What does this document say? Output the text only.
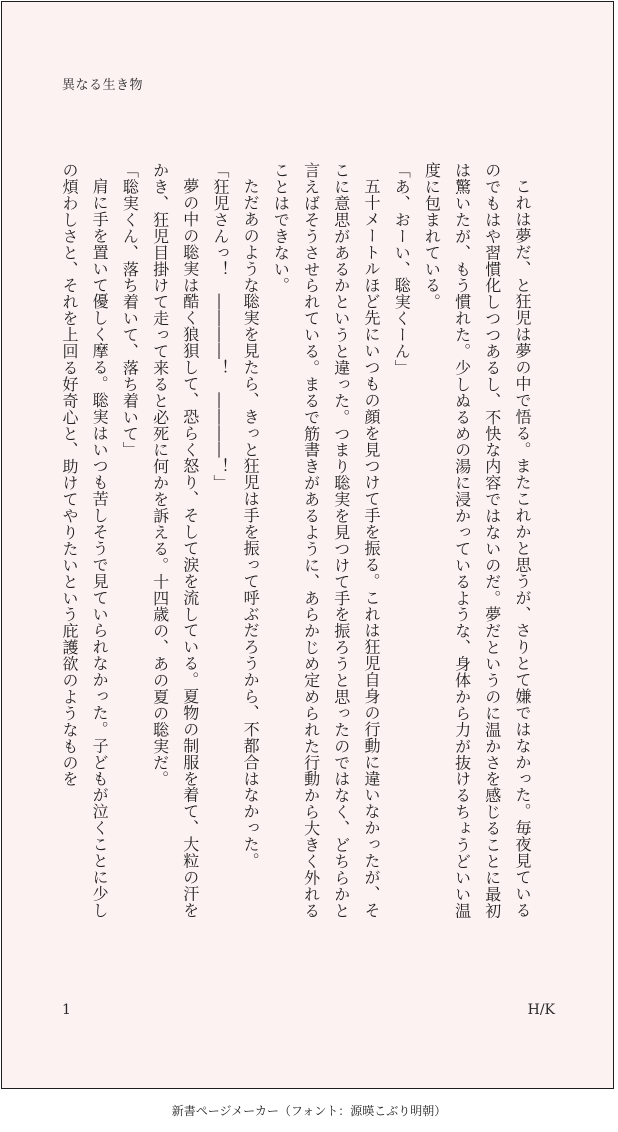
異なる生き物

これは夢だ、と狂児は夢の中で悟る。またこれかと思うが、さりとて嫌ではなかった。毎夜見ているのでもはや習慣化しつつあるし、不快な内容ではないのだ。夢だというのに温かさを感じることに最初は驚いたが、もう慣れた。少しぬるめの湯に浸かっているような、身体から力が抜けるちょうどいい温度に包まれている。

「あ、おーい、聡実くーん」

五十メートルほど先にいつもの顔を見つけて手を振る。これは狂児自身の行動に違いなかったが、そこに意思があるかというと違った。つまり聡実を見つけて手を振ろうと思ったのではなく、どちらかと言えばそうさせられている。まるで筋書きがあるように、あらかじめ定められた行動から大きく外れることはできない。

ただあのような聡実を見たら、きっと狂児は手を振って呼ぶだろうから、不都合はなかった。

「狂児さんっ！　――――！　――――！」

夢の中の聡実は酷く狼狽して、恐らく怒り、そして涙を流している。夏物の制服を着て、大粒の汗をかき、狂児目掛けて走って来ると必死に何かを訴える。十四歳の、あの夏の聡実だ。

「聡実くん、落ち着いて、落ち着いて」

肩に手を置いて優しく摩る。聡実はいつも苦しそうで見ていられなかった。子どもが泣くことに少しの煩わしさと、それを上回る好奇心と、助けてやりたいという庇護欲のようなものを

1	H/K
新書ページメーカー（フォント：源暎こぶり明朝）
